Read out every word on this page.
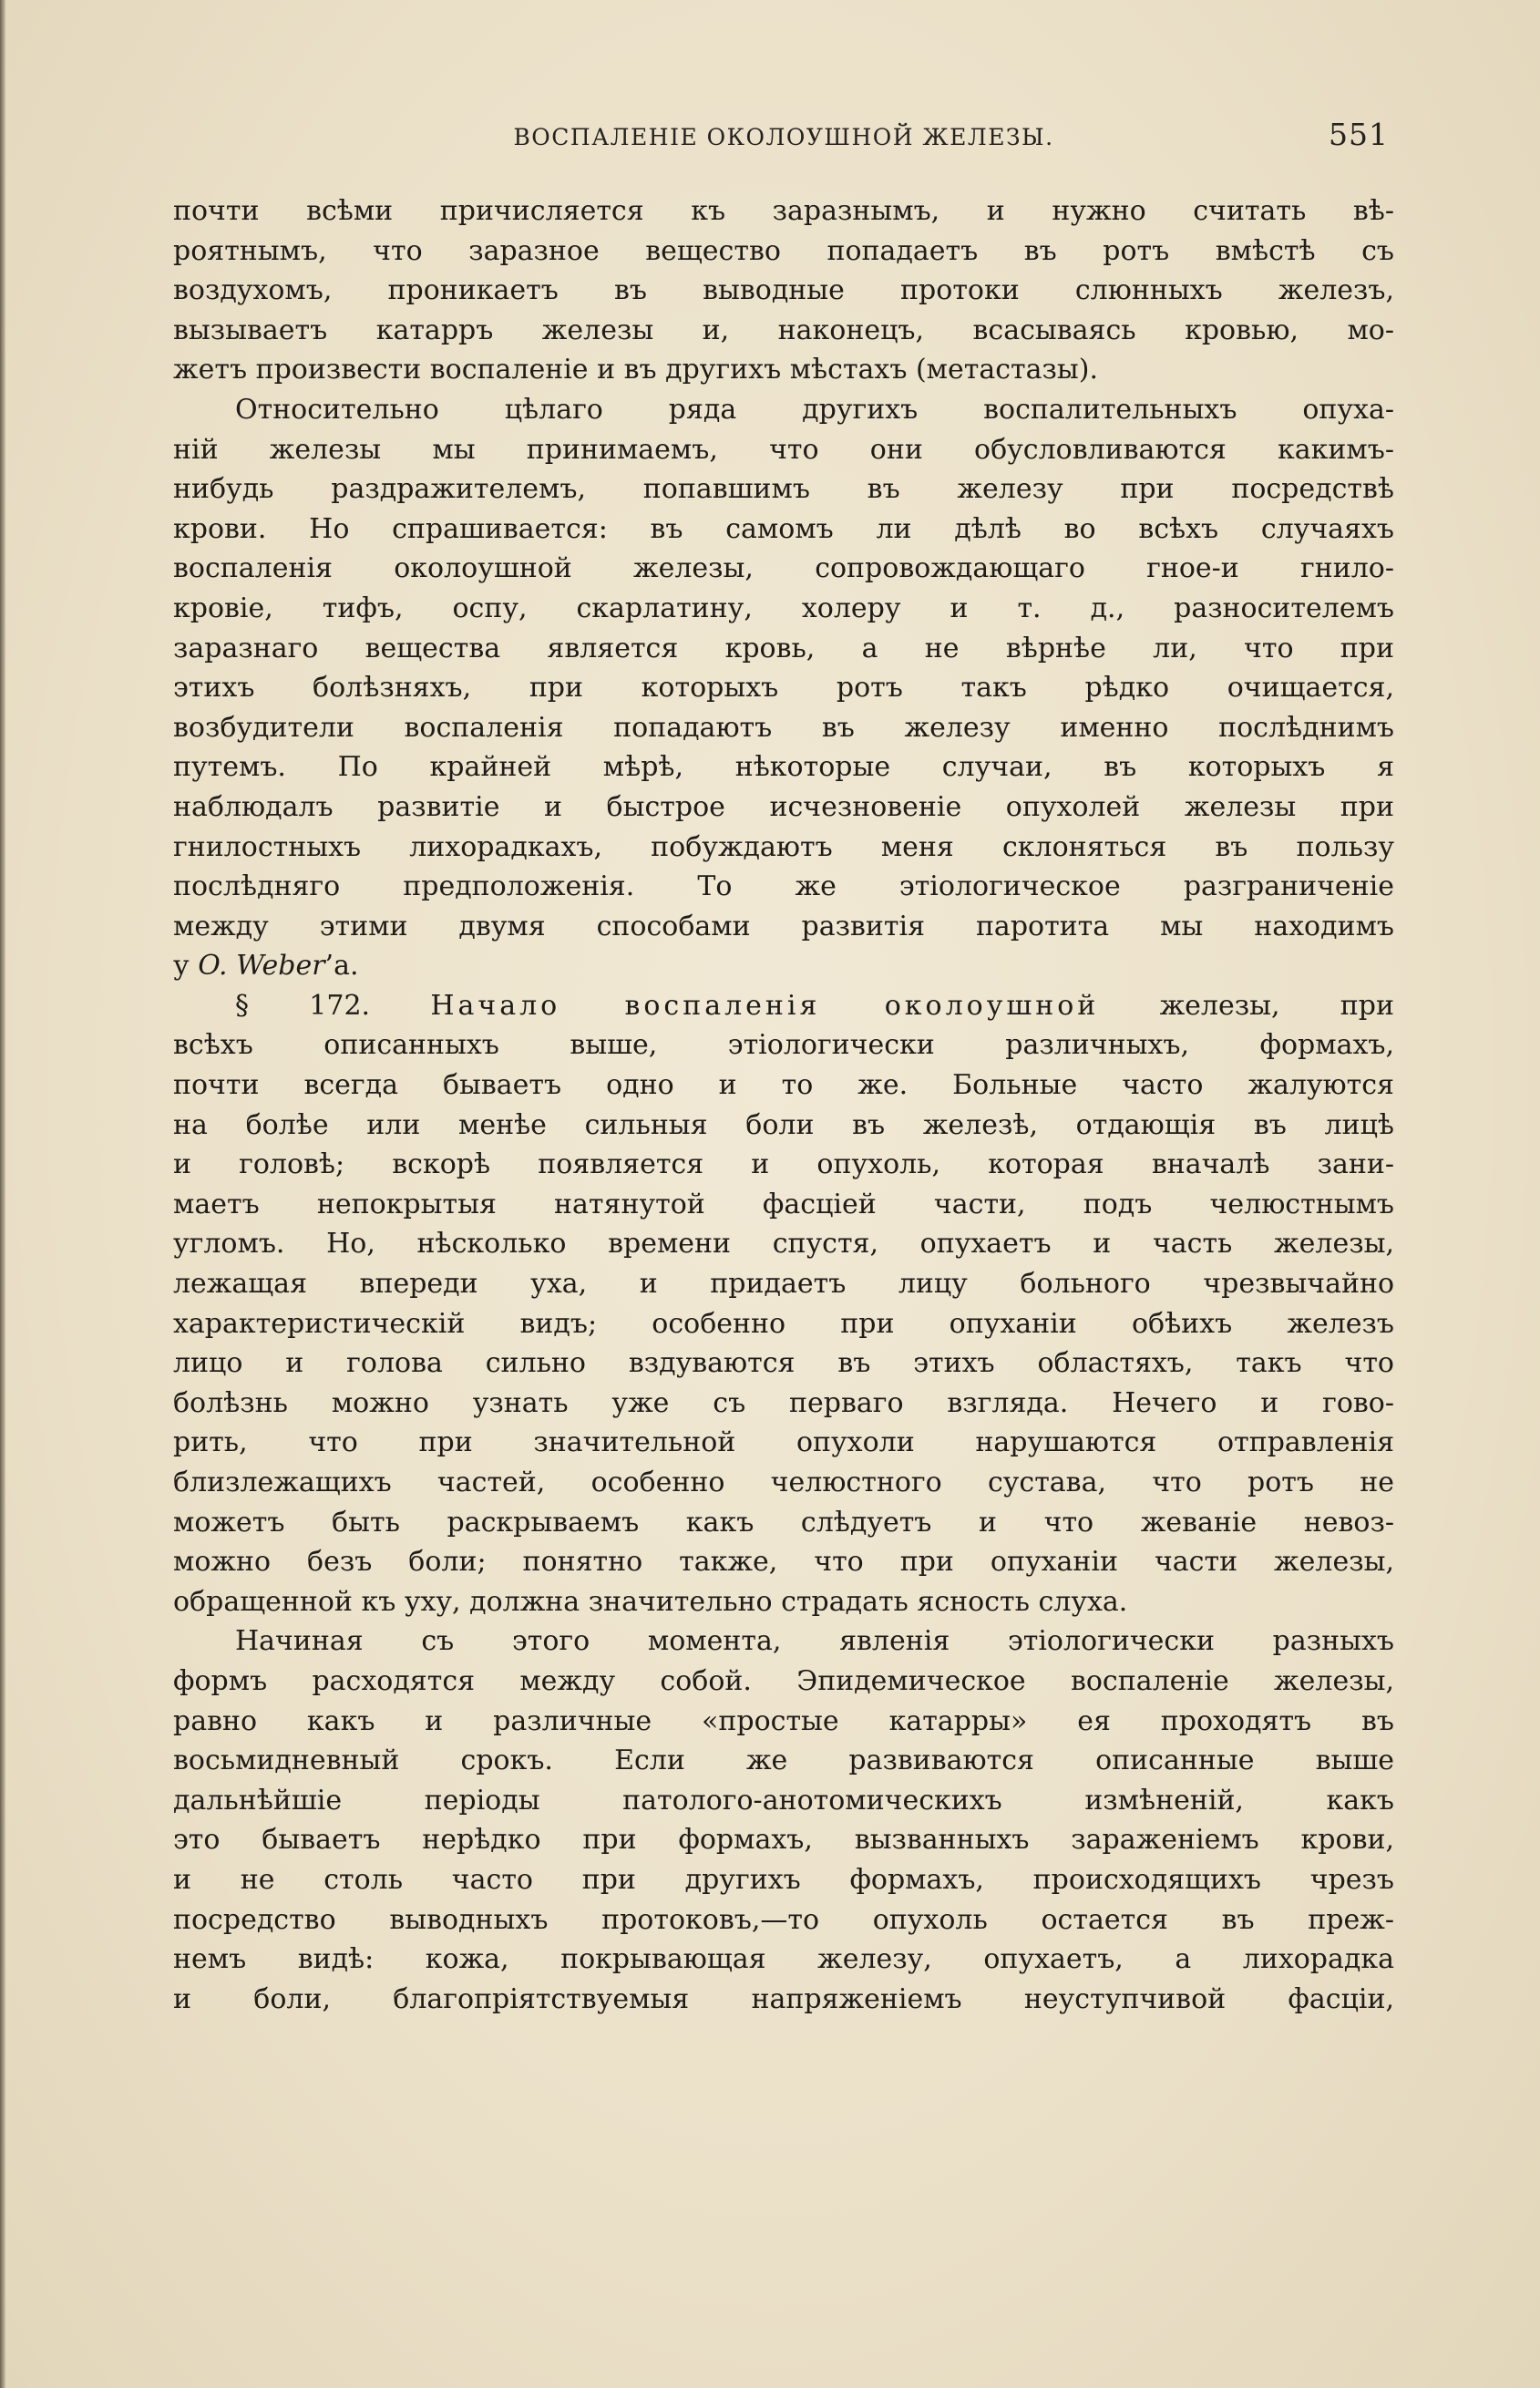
ВОСПАЛЕНІЕ ОКОЛОУШНОЙ ЖЕЛЕЗЫ.	551
почти всѣми причисляется къ заразнымъ, и нужно считать вѣ-
роятнымъ, что заразное вещество попадаетъ въ ротъ вмѣстѣ съ
воздухомъ, проникаетъ въ выводные протоки слюнныхъ железъ,
вызываетъ катарръ железы и, наконецъ, всасываясь кровью, мо-
жетъ произвести воспаленіе и въ другихъ мѣстахъ (метастазы).
Относительно цѣлаго ряда другихъ воспалительныхъ опуха-
ній железы мы принимаемъ, что они обусловливаются какимъ-
нибудь раздражителемъ, попавшимъ въ железу при посредствѣ
крови. Но спрашивается: въ самомъ ли дѣлѣ во всѣхъ случаяхъ
воспаленія околоушной железы, сопровождающаго гное-и гнило-
кровіе, тифъ, оспу, скарлатину, холеру и т. д., разносителемъ
заразнаго вещества является кровь, а не вѣрнѣе ли, что при
этихъ болѣзняхъ, при которыхъ ротъ такъ рѣдко очищается,
возбудители воспаленія попадаютъ въ железу именно послѣднимъ
путемъ. По крайней мѣрѣ, нѣкоторые случаи, въ которыхъ я
наблюдалъ развитіе и быстрое исчезновеніе опухолей железы при
гнилостныхъ лихорадкахъ, побуждаютъ меня склоняться въ пользу
послѣдняго предположенія. То же этіологическое разграниченіе
между этими двумя способами развитія паротита мы находимъ
у O. Weber’а.
§ 172. Начало воспаленія околоушной железы, при
всѣхъ описанныхъ выше, этіологически различныхъ, формахъ,
почти всегда бываетъ одно и то же. Больные часто жалуются
на болѣе или менѣе сильныя боли въ железѣ, отдающія въ лицѣ
и головѣ; вскорѣ появляется и опухоль, которая вначалѣ зани-
маетъ непокрытыя натянутой фасціей части, подъ челюстнымъ
угломъ. Но, нѣсколько времени спустя, опухаетъ и часть железы,
лежащая впереди уха, и придаетъ лицу больного чрезвычайно
характеристическій видъ; особенно при опуханіи обѣихъ железъ
лицо и голова сильно вздуваются въ этихъ областяхъ, такъ что
болѣзнь можно узнать уже съ перваго взгляда. Нечего и гово-
рить, что при значительной опухоли нарушаются отправленія
близлежащихъ частей, особенно челюстного сустава, что ротъ не
можетъ быть раскрываемъ какъ слѣдуетъ и что жеваніе невоз-
можно безъ боли; понятно также, что при опуханіи части железы,
обращенной къ уху, должна значительно страдать ясность слуха.
Начиная съ этого момента, явленія этіологически разныхъ
формъ расходятся между собой. Эпидемическое воспаленіе железы,
равно какъ и различные «простые катарры» ея проходятъ въ
восьмидневный срокъ. Если же развиваются описанные выше
дальнѣйшіе періоды патолого-анотомическихъ измѣненій, какъ
это бываетъ нерѣдко при формахъ, вызванныхъ зараженіемъ крови,
и не столь часто при другихъ формахъ, происходящихъ чрезъ
посредство выводныхъ протоковъ,—то опухоль остается въ преж-
немъ видѣ: кожа, покрывающая железу, опухаетъ, а лихорадка
и боли, благопріятствуемыя напряженіемъ неуступчивой фасціи,
